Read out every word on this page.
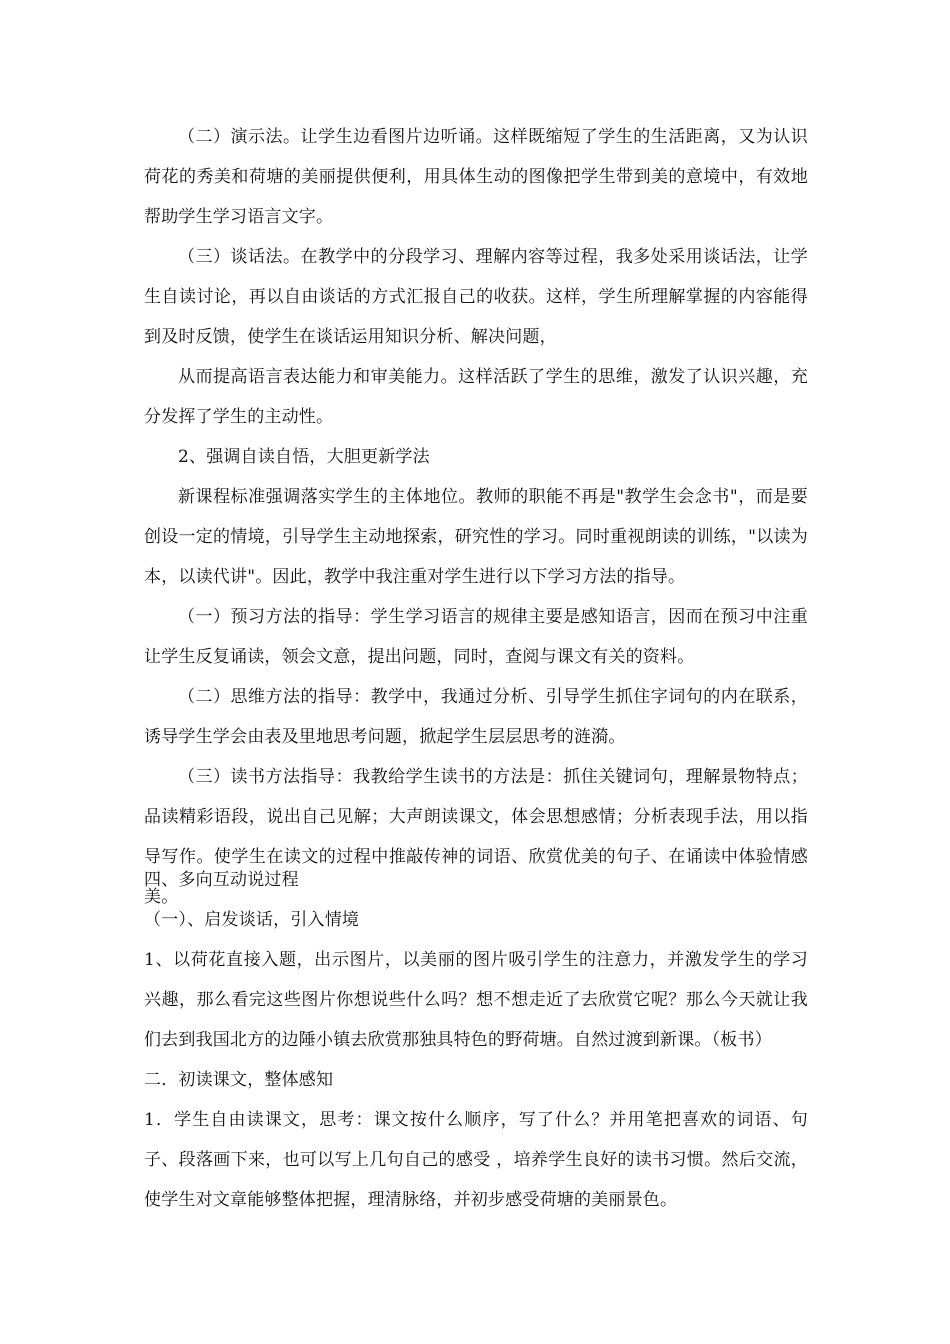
（二）演示法。让学生边看图片边听诵。这样既缩短了学生的生活距离，又为认识荷花的秀美和荷塘的美丽提供便利，用具体生动的图像把学生带到美的意境中，有效地帮助学生学习语言文字。

（三）谈话法。在教学中的分段学习、理解内容等过程，我多处采用谈话法，让学生自读讨论，再以自由谈话的方式汇报自己的收获。这样，学生所理解掌握的内容能得到及时反馈，使学生在谈话运用知识分析、解决问题，

从而提高语言表达能力和审美能力。这样活跃了学生的思维，激发了认识兴趣，充分发挥了学生的主动性。

2、强调自读自悟，大胆更新学法

新课程标准强调落实学生的主体地位。教师的职能不再是"教学生会念书"，而是要创设一定的情境，引导学生主动地探索，研究性的学习。同时重视朗读的训练，"以读为本，以读代讲"。因此，教学中我注重对学生进行以下学习方法的指导。

（一）预习方法的指导：学生学习语言的规律主要是感知语言，因而在预习中注重让学生反复诵读，领会文意，提出问题，同时，查阅与课文有关的资料。

（二）思维方法的指导：教学中，我通过分析、引导学生抓住字词句的内在联系，诱导学生学会由表及里地思考问题，掀起学生层层思考的涟漪。

（三）读书方法指导：我教给学生读书的方法是：抓住关键词句，理解景物特点；品读精彩语段，说出自己见解；大声朗读课文，体会思想感情；分析表现手法，用以指导写作。使学生在读文的过程中推敲传神的词语、欣赏优美的句子、在诵读中体验情感美。

四、多向互动说过程

（一）、启发谈话，引入情境

1、以荷花直接入题，出示图片，以美丽的图片吸引学生的注意力，并激发学生的学习兴趣，那么看完这些图片你想说些什么吗？想不想走近了去欣赏它呢？那么今天就让我们去到我国北方的边陲小镇去欣赏那独具特色的野荷塘。自然过渡到新课。（板书）

二．初读课文，整体感知

1．学生自由读课文，思考：课文按什么顺序，写了什么？并用笔把喜欢的词语、句子、段落画下来，也可以写上几句自己的感受 ，培养学生良好的读书习惯。然后交流，使学生对文章能够整体把握，理清脉络，并初步感受荷塘的美丽景色。
